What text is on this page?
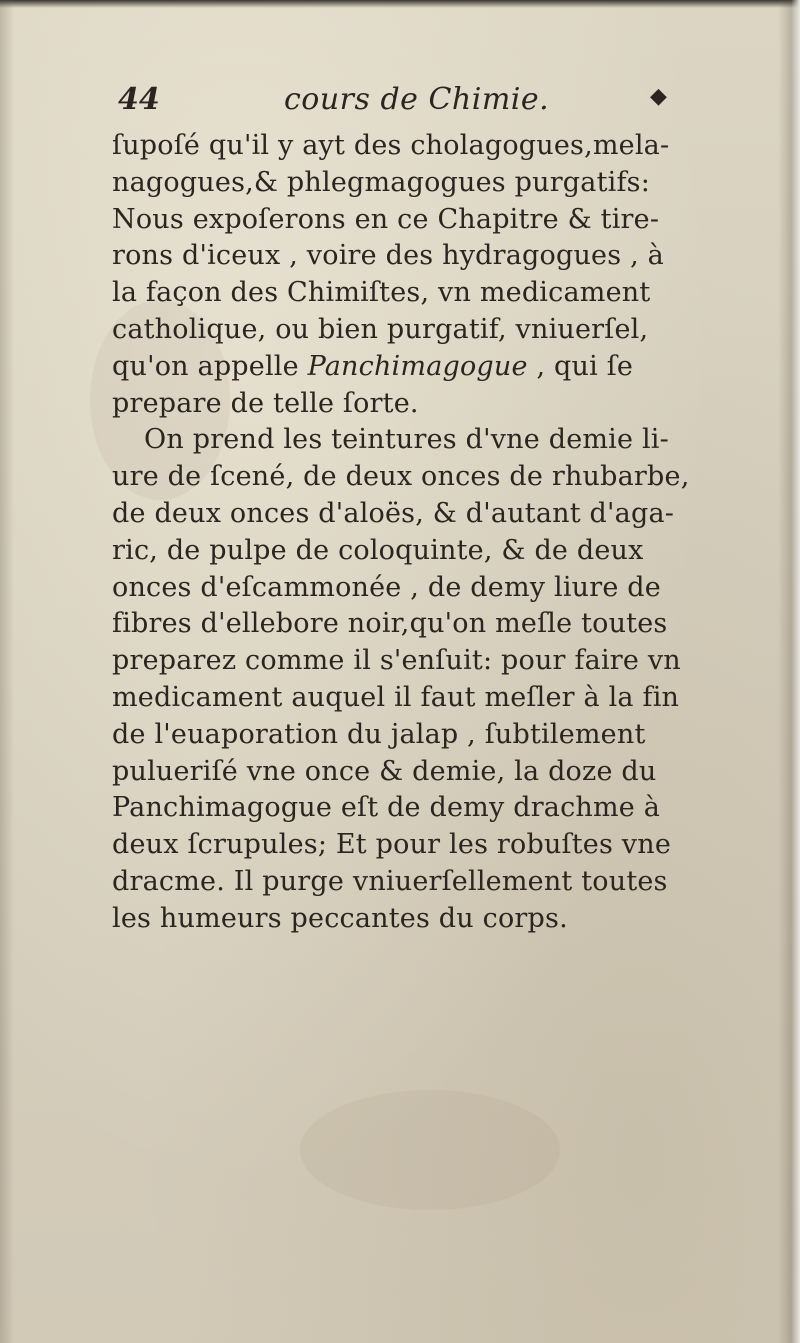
44	cours de Chimie.	◆
ſupoſé qu'il y ayt des cholagogues,mela-
nagogues,& phlegmagogues purgatifs:
Nous expoſerons en ce Chapitre & tire-
rons d'iceux , voire des hydragogues , à
la façon des Chimiſtes, vn medicament
catholique, ou bien purgatif, vniuerſel,
qu'on appelle Panchimagogue , qui ſe
prepare de telle ſorte.
On prend les teintures d'vne demie li-
ure de ſcené, de deux onces de rhubarbe,
de deux onces d'aloës, & d'autant d'aga-
ric, de pulpe de coloquinte, & de deux
onces d'eſcammonée , de demy liure de
fibres d'ellebore noir,qu'on meſle toutes
preparez comme il s'enſuit: pour faire vn
medicament auquel il faut meſler à la fin
de l'euaporation du jalap , ſubtilement
pulueriſé vne once & demie, la doze du
Panchimagogue eſt de demy drachme à
deux ſcrupules; Et pour les robuſtes vne
dracme. Il purge vniuerſellement toutes
les humeurs peccantes du corps.
